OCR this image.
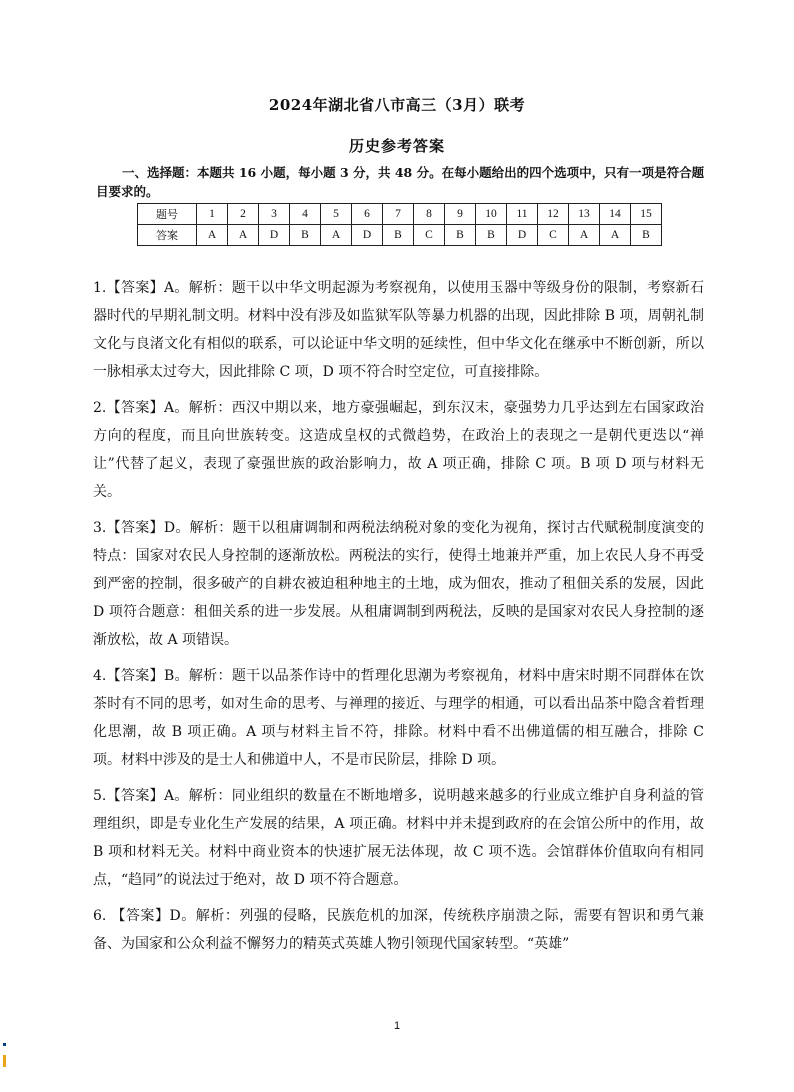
2024年湖北省八市高三（3月）联考
历史参考答案
一、选择题：本题共 16 小题，每小题 3 分，共 48 分。在每小题给出的四个选项中，只有一项是符合题目要求的。
题号	1	2	3	4	5	6	7	8	9	10	11	12	13	14	15
答案	A	A	D	B	A	D	B	C	B	B	D	C	A	A	B

1.【答案】A。解析：题干以中华文明起源为考察视角，以使用玉器中等级身份的限制，考察新石器时代的早期礼制文明。材料中没有涉及如监狱军队等暴力机器的出现，因此排除 B 项，周朝礼制文化与良渚文化有相似的联系，可以论证中华文明的延续性，但中华文化在继承中不断创新，所以一脉相承太过夸大，因此排除 C 项，D 项不符合时空定位，可直接排除。

2.【答案】A。解析：西汉中期以来，地方豪强崛起，到东汉末，豪强势力几乎达到左右国家政治方向的程度，而且向世族转变。这造成皇权的式微趋势，在政治上的表现之一是朝代更迭以“禅让”代替了起义，表现了豪强世族的政治影响力，故 A 项正确，排除 C 项。B 项 D 项与材料无关。

3.【答案】D。解析：题干以租庸调制和两税法纳税对象的变化为视角，探讨古代赋税制度演变的特点：国家对农民人身控制的逐渐放松。两税法的实行，使得土地兼并严重，加上农民人身不再受到严密的控制，很多破产的自耕农被迫租种地主的土地，成为佃农，推动了租佃关系的发展，因此 D 项符合题意：租佃关系的进一步发展。从租庸调制到两税法，反映的是国家对农民人身控制的逐渐放松，故 A 项错误。

4.【答案】B。解析：题干以品茶作诗中的哲理化思潮为考察视角，材料中唐宋时期不同群体在饮茶时有不同的思考，如对生命的思考、与禅理的接近、与理学的相通，可以看出品茶中隐含着哲理化思潮，故 B 项正确。A 项与材料主旨不符，排除。材料中看不出佛道儒的相互融合，排除 C 项。材料中涉及的是士人和佛道中人，不是市民阶层，排除 D 项。

5.【答案】A。解析：同业组织的数量在不断地增多，说明越来越多的行业成立维护自身利益的管理组织，即是专业化生产发展的结果，A 项正确。材料中并未提到政府的在会馆公所中的作用，故 B 项和材料无关。材料中商业资本的快速扩展无法体现，故 C 项不选。会馆群体价值取向有相同点，“趋同”的说法过于绝对，故 D 项不符合题意。

6. 【答案】D。解析：列强的侵略，民族危机的加深，传统秩序崩溃之际，需要有智识和勇气兼备、为国家和公众利益不懈努力的精英式英雄人物引领现代国家转型。“英雄”

1
